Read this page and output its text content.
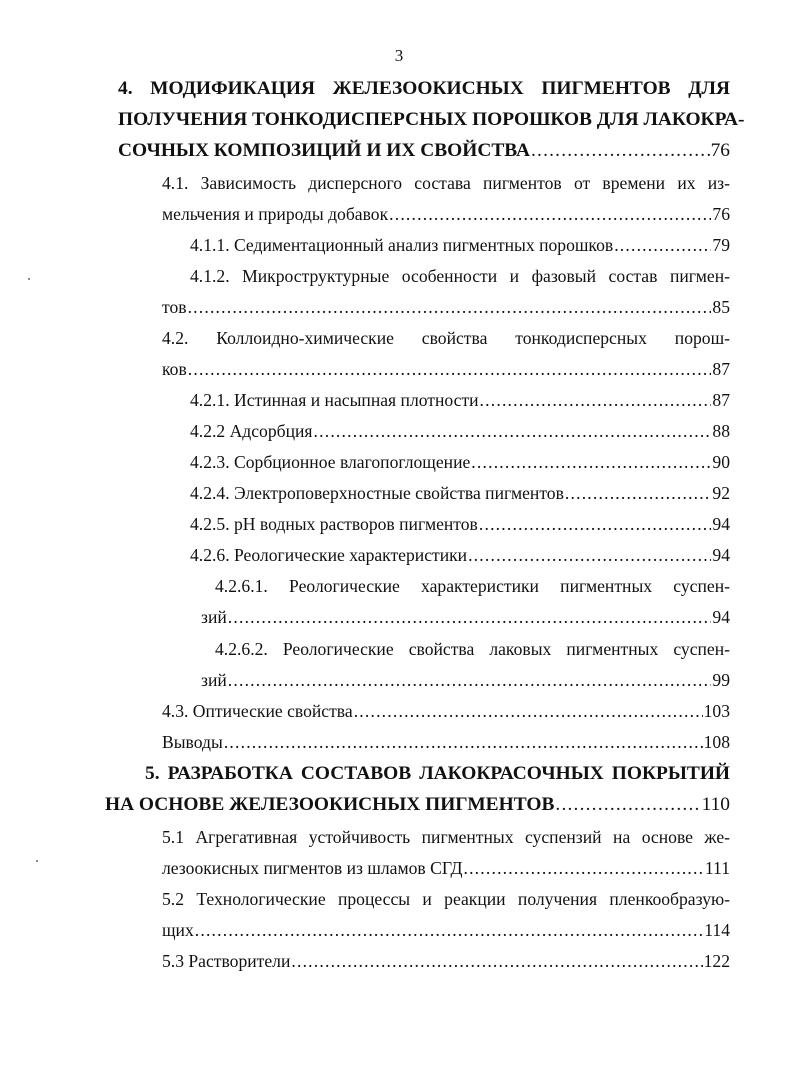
3
4. МОДИФИКАЦИЯ ЖЕЛЕЗООКИСНЫХ ПИГМЕНТОВ ДЛЯ
ПОЛУЧЕНИЯ ТОНКОДИСПЕРСНЫХ ПОРОШКОВ ДЛЯ ЛАКОКРА-
СОЧНЫХ КОМПОЗИЦИЙ И ИХ СВОЙСТВА .....	76
4.1. Зависимость дисперсного состава пигментов от времени их из-
мельчения и природы добавок .....	76
4.1.1. Седиментационный анализ пигментных порошков .....	79
4.1.2. Микроструктурные особенности и фазовый состав пигмен-
тов .....	85
4.2. Коллоидно-химические свойства тонкодисперсных порош-
ков .....	87
4.2.1. Истинная и насыпная плотности .....	87
4.2.2 Адсорбция .....	88
4.2.3. Сорбционное влагопоглощение .....	90
4.2.4. Электроповерхностные свойства пигментов .....	92
4.2.5. pH водных растворов пигментов .....	94
4.2.6. Реологические характеристики .....	94
4.2.6.1. Реологические характеристики пигментных суспен-
зий .....	94
4.2.6.2. Реологические свойства лаковых пигментных суспен-
зий .....	99
4.3. Оптические свойства .....	103
Выводы .....	108
5. РАЗРАБОТКА СОСТАВОВ ЛАКОКРАСОЧНЫХ ПОКРЫТИЙ
НА ОСНОВЕ ЖЕЛЕЗООКИСНЫХ ПИГМЕНТОВ .....	110
5.1 Агрегативная устойчивость пигментных суспензий на основе же-
лезоокисных пигментов из шламов СГД .....	111
5.2 Технологические процессы и реакции получения пленкообразую-
щих .....	114
5.3 Растворители .....	122
